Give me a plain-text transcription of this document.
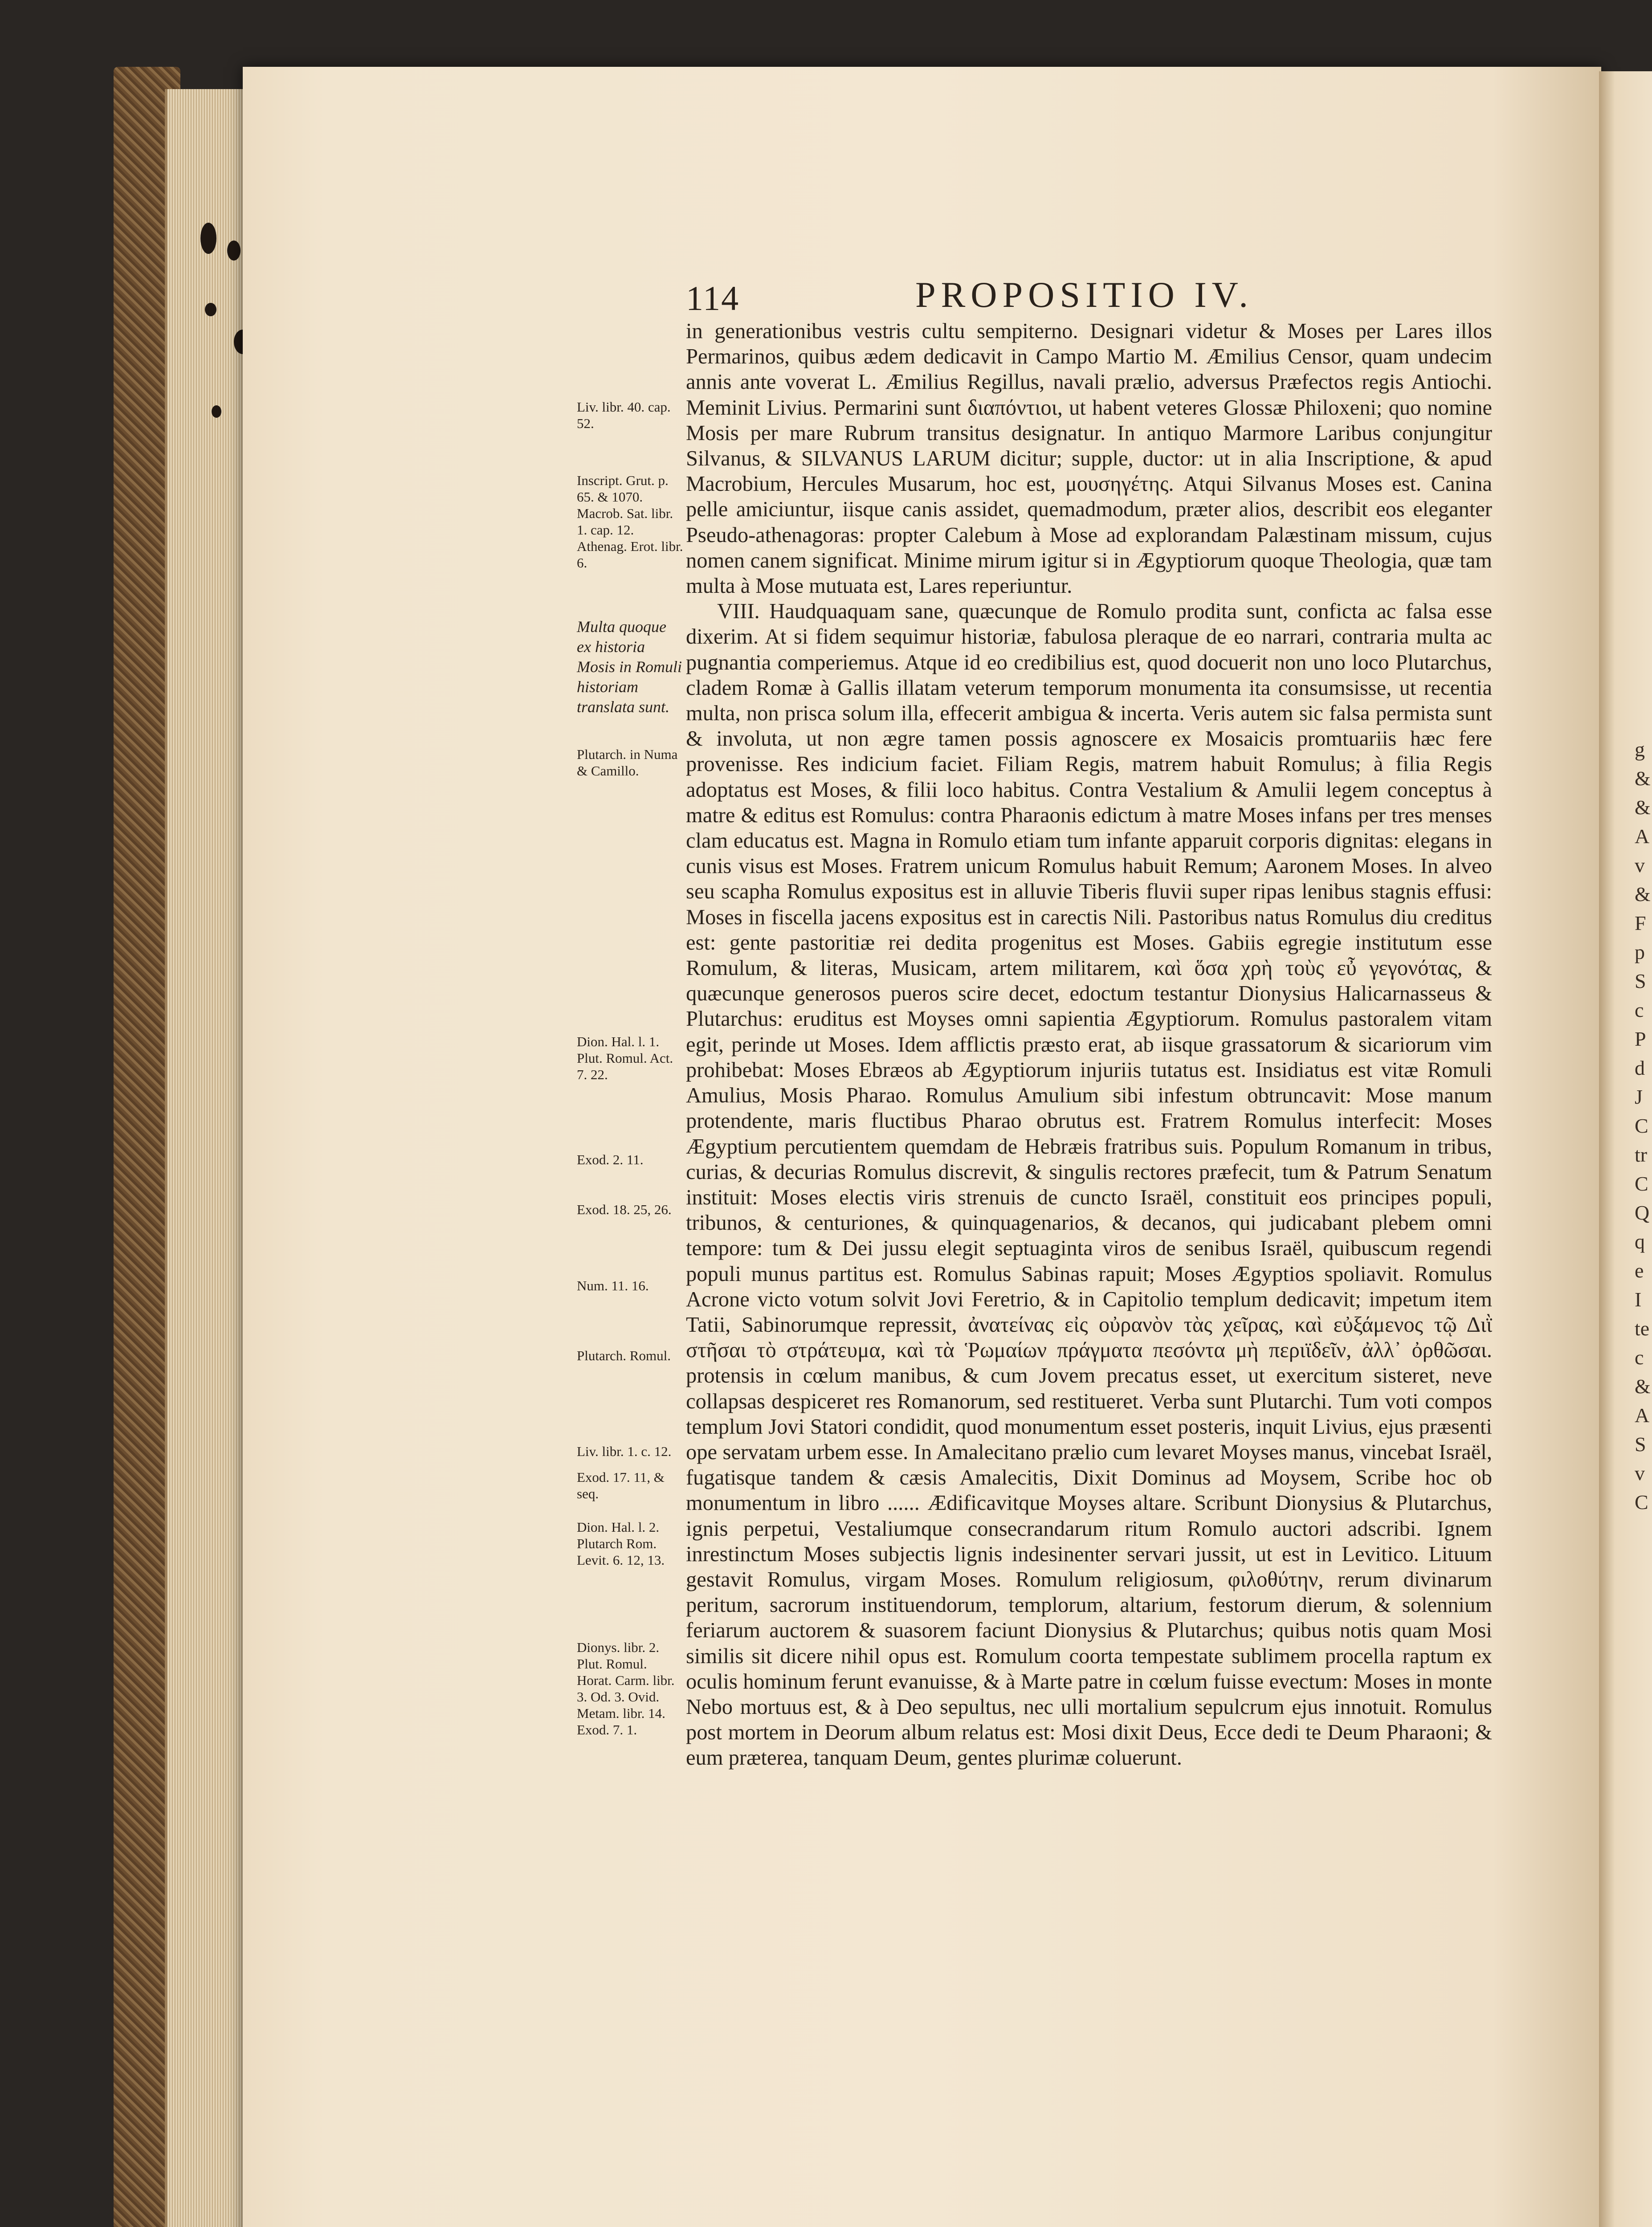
g
&
&
A
v
&
F
p
S
c
P
d
J
C
tr
C
Q
q
e
I
te
c
&
A
S
v
C
114	PROPOSITIO IV.

in generationibus vestris cultu sempiterno. Designari videtur & Moses per Lares illos Permarinos, quibus ædem dedicavit in Campo Martio M. Æmilius Censor, quam undecim annis ante voverat L. Æmilius Regillus, navali prælio, adversus Præfectos regis Antiochi. Meminit Livius. Permarini sunt διαπόντιοι, ut habent veteres Glossæ Philoxeni; quo nomine Mosis per mare Rubrum transitus designatur. In antiquo Marmore Laribus conjungitur Silvanus, & SILVANUS LARUM dicitur; supple, ductor: ut in alia Inscriptione, & apud Macrobium, Hercules Musarum, hoc est, μουσηγέτης. Atqui Silvanus Moses est. Canina pelle amiciuntur, iisque canis assidet, quemadmodum, præter alios, describit eos eleganter Pseudo-athenagoras: propter Calebum à Mose ad explorandam Palæstinam missum, cujus nomen canem significat. Minime mirum igitur si in Ægyptiorum quoque Theologia, quæ tam multa à Mose mutuata est, Lares reperiuntur.

VIII. Haudquaquam sane, quæcunque de Romulo prodita sunt, conficta ac falsa esse dixerim. At si fidem sequimur historiæ, fabulosa pleraque de eo narrari, contraria multa ac pugnantia comperiemus. Atque id eo credibilius est, quod docuerit non uno loco Plutarchus, cladem Romæ à Gallis illatam veterum temporum monumenta ita consumsisse, ut recentia multa, non prisca solum illa, effecerit ambigua & incerta. Veris autem sic falsa permista sunt & involuta, ut non ægre tamen possis agnoscere ex Mosaicis promtuariis hæc fere provenisse. Res indicium faciet. Filiam Regis, matrem habuit Romulus; à filia Regis adoptatus est Moses, & filii loco habitus. Contra Vestalium & Amulii legem conceptus à matre & editus est Romulus: contra Pharaonis edictum à matre Moses infans per tres menses clam educatus est. Magna in Romulo etiam tum infante apparuit corporis dignitas: elegans in cunis visus est Moses. Fratrem unicum Romulus habuit Remum; Aaronem Moses. In alveo seu scapha Romulus expositus est in alluvie Tiberis fluvii super ripas lenibus stagnis effusi: Moses in fiscella jacens expositus est in carectis Nili. Pastoribus natus Romulus diu creditus est: gente pastoritiæ rei dedita progenitus est Moses. Gabiis egregie institutum esse Romulum, & literas, Musicam, artem militarem, καὶ ὅσα χρὴ τοὺς εὖ γεγονότας, & quæcunque generosos pueros scire decet, edoctum testantur Dionysius Halicarnasseus & Plutarchus: eruditus est Moyses omni sapientia Ægyptiorum. Romulus pastoralem vitam egit, perinde ut Moses. Idem afflictis præsto erat, ab iisque grassatorum & sicariorum vim prohibebat: Moses Ebræos ab Ægyptiorum injuriis tutatus est. Insidiatus est vitæ Romuli Amulius, Mosis Pharao. Romulus Amulium sibi infestum obtruncavit: Mose manum protendente, maris fluctibus Pharao obrutus est. Fratrem Romulus interfecit: Moses Ægyptium percutientem quemdam de Hebræis fratribus suis. Populum Romanum in tribus, curias, & decurias Romulus discrevit, & singulis rectores præfecit, tum & Patrum Senatum instituit: Moses electis viris strenuis de cuncto Israël, constituit eos principes populi, tribunos, & centuriones, & quinquagenarios, & decanos, qui judicabant plebem omni tempore: tum & Dei jussu elegit septuaginta viros de senibus Israël, quibuscum regendi populi munus partitus est. Romulus Sabinas rapuit; Moses Ægyptios spoliavit. Romulus Acrone victo votum solvit Jovi Feretrio, & in Capitolio templum dedicavit; impetum item Tatii, Sabinorumque repressit, ἀνατείνας εἰς οὐρανὸν τὰς χεῖρας, καὶ εὐξάμενος τῷ Διῒ στῆσαι τὸ στράτευμα, καὶ τὰ Ῥωμαίων πράγματα πεσόντα μὴ περιϊδεῖν, ἀλλ᾽ ὀρθῶσαι. protensis in cœlum manibus, & cum Jovem precatus esset, ut exercitum sisteret, neve collapsas despiceret res Romanorum, sed restitueret. Verba sunt Plutarchi. Tum voti compos templum Jovi Statori condidit, quod monumentum esset posteris, inquit Livius, ejus præsenti ope servatam urbem esse. In Amalecitano prælio cum levaret Moyses manus, vincebat Israël, fugatisque tandem & cæsis Amalecitis, Dixit Dominus ad Moysem, Scribe hoc ob monumentum in libro ...... Ædificavitque Moyses altare. Scribunt Dionysius & Plutarchus, ignis perpetui, Vestaliumque consecrandarum ritum Romulo auctori adscribi. Ignem inrestinctum Moses subjectis lignis indesinenter servari jussit, ut est in Levitico. Lituum gestavit Romulus, virgam Moses. Romulum religiosum, φιλοθύτην, rerum divinarum peritum, sacrorum instituendorum, templorum, altarium, festorum dierum, & solennium feriarum auctorem & suasorem faciunt Dionysius & Plutarchus; quibus notis quam Mosi similis sit dicere nihil opus est. Romulum coorta tempestate sublimem procella raptum ex oculis hominum ferunt evanuisse, & à Marte patre in cœlum fuisse evectum: Moses in monte Nebo mortuus est, & à Deo sepultus, nec ulli mortalium sepulcrum ejus innotuit. Romulus post mortem in Deorum album relatus est: Mosi dixit Deus, Ecce dedi te Deum Pharaoni; & eum præterea, tanquam Deum, gentes plurimæ coluerunt.

Liv. libr. 40. cap. 52.
Inscript. Grut. p. 65. & 1070. Macrob. Sat. libr. 1. cap. 12. Athenag. Erot. libr. 6.
Multa quoque ex historia Mosis in Romuli historiam translata sunt.
Plutarch. in Numa & Camillo.
Dion. Hal. l. 1. Plut. Romul. Act. 7. 22.
Exod. 2. 11.
Exod. 18. 25, 26.
Num. 11. 16.
Plutarch. Romul.
Liv. libr. 1. c. 12.
Exod. 17. 11, & seq.
Dion. Hal. l. 2. Plutarch Rom. Levit. 6. 12, 13.
Dionys. libr. 2. Plut. Romul. Horat. Carm. libr. 3. Od. 3. Ovid. Metam. libr. 14. Exod. 7. 1.
